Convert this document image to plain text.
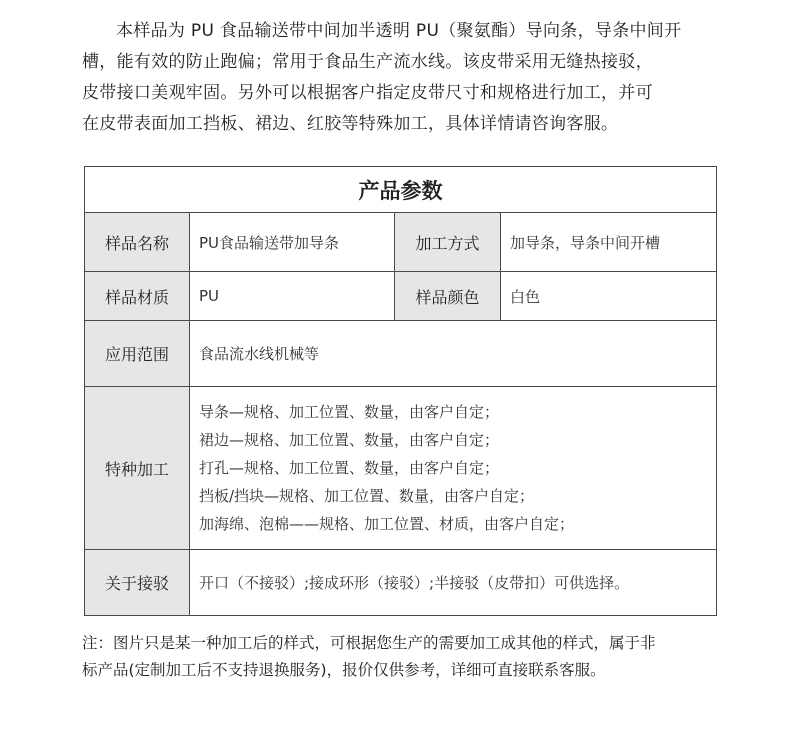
本样品为 PU 食品输送带中间加半透明 PU（聚氨酯）导向条，导条中间开
槽，能有效的防止跑偏；常用于食品生产流水线。该皮带采用无缝热接驳，
皮带接口美观牢固。另外可以根据客户指定皮带尺寸和规格进行加工，并可
在皮带表面加工挡板、裙边、红胶等特殊加工，具体详情请咨询客服。
产品参数			
样品名称	PU食品输送带加导条	加工方式	加导条，导条中间开槽
样品材质	PU	样品颜色	白色
应用范围	食品流水线机械等		
特种加工	导条—规格、加工位置、数量，由客户自定；
裙边—规格、加工位置、数量，由客户自定；
打孔—规格、加工位置、数量，由客户自定；
挡板/挡块—规格、加工位置、数量，由客户自定；
加海绵、泡棉——规格、加工位置、材质，由客户自定；		

关于接驳	开口（不接驳）;接成环形（接驳）;半接驳（皮带扣）可供选择。		
注：图片只是某一种加工后的样式，可根据您生产的需要加工成其他的样式，属于非
标产品(定制加工后不支持退换服务)，报价仅供参考，详细可直接联系客服。
